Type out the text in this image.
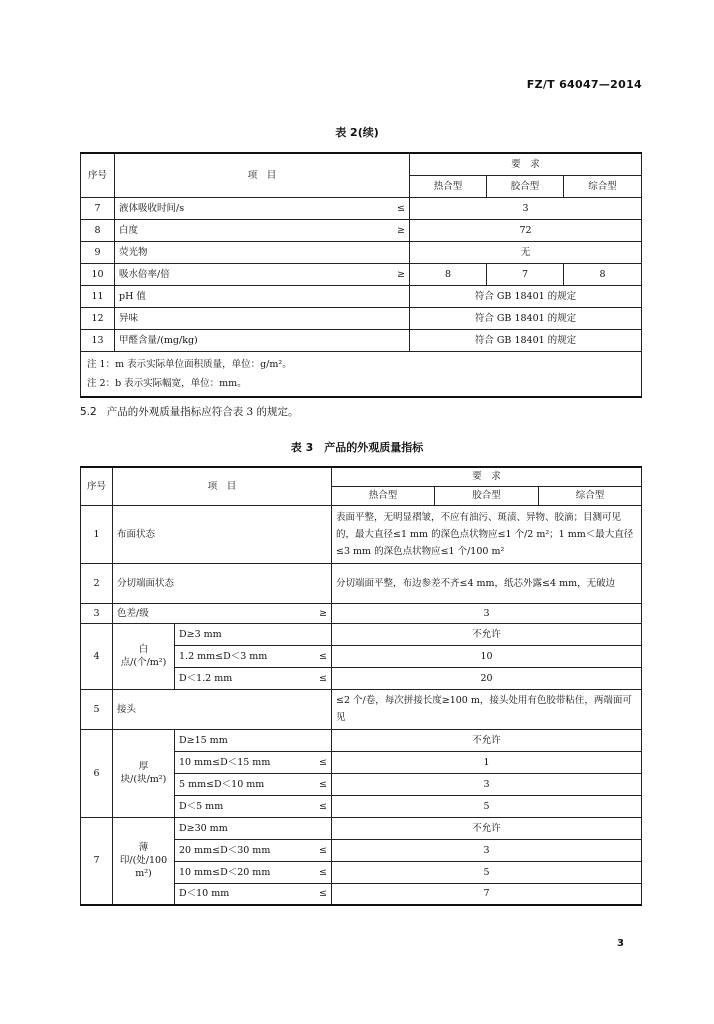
FZ/T 64047—2014
表 2(续)
序号	项　目	要　求		
		热合型	胶合型	综合型
7	液体吸收时间/s ≤	3		
8	白度 ≥	72		
9	荧光物	无		
10	吸水倍率/倍 ≥	8	7	8
11	pH 值	符合 GB 18401 的规定		
12	异味	符合 GB 18401 的规定		
13	甲醛含量/(mg/kg)	符合 GB 18401 的规定		

注 1：m 表示实际单位面积质量，单位：g/m²。
注 2：b 表示实际幅宽，单位：mm。				
5.2 产品的外观质量指标应符合表 3 的规定。
表 3　产品的外观质量指标
序号	项　目		要　求		
			热合型	胶合型	综合型
1	布面状态		表面平整，无明显褶皱，不应有油污、斑渍、异物、胶滴；目测可见的，最大直径≤1 mm 的深色点状物应≤1 个/2 m²；1 mm＜最大直径≤3 mm 的深色点状物应≤1 个/100 m²		
2	分切端面状态		分切端面平整，布边参差不齐≤4 mm，纸芯外露≤4 mm，无破边		
3	色差/级 ≥		3		
4	白点/(个/m²)	D≥3 mm	不允许		
		1.2 mm≤D＜3 mm ≤	10		
		D＜1.2 mm ≤	20		
5	接头		≤2 个/卷，每次拼接长度≥100 m，接头处用有色胶带粘住，两端面可见		
6	厚块/(块/m²)	D≥15 mm	不允许		
		10 mm≤D＜15 mm ≤	1		
		5 mm≤D＜10 mm ≤	3		
		D＜5 mm ≤	5		
7	薄印/(处/100 m²)	D≥30 mm	不允许		
		20 mm≤D＜30 mm ≤	3		
		10 mm≤D＜20 mm ≤	5		
		D＜10 mm ≤	7		
3
